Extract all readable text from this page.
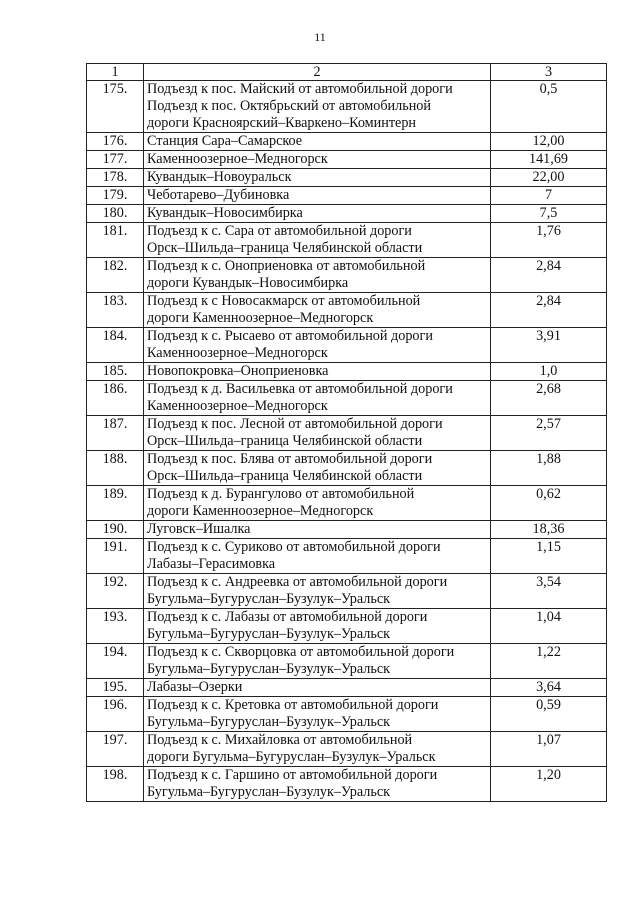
11
1	2	3
175.	Подъезд к пос. Майский от автомобильной дороги
Подъезд к пос. Октябрьский от автомобильной
дороги Красноярский–Кваркено–Коминтерн	0,5
176.	Станция Сара–Самарское	12,00
177.	Каменноозерное–Медногорск	141,69
178.	Кувандык–Новоуральск	22,00
179.	Чеботарево–Дубиновка	7
180.	Кувандык–Новосимбирка	7,5
181.	Подъезд к с. Сара от автомобильной дороги
Орск–Шильда–граница Челябинской области	1,76
182.	Подъезд к с. Оноприеновка от автомобильной
дороги Кувандык–Новосимбирка	2,84
183.	Подъезд к с Новосакмарск от автомобильной
дороги Каменноозерное–Медногорск	2,84
184.	Подъезд к с. Рысаево от автомобильной дороги
Каменноозерное–Медногорск	3,91
185.	Новопокровка–Оноприеновка	1,0
186.	Подъезд к д. Васильевка от автомобильной дороги
Каменноозерное–Медногорск	2,68
187.	Подъезд к пос. Лесной от автомобильной дороги
Орск–Шильда–граница Челябинской области	2,57
188.	Подъезд к пос. Блява от автомобильной дороги
Орск–Шильда–граница Челябинской области	1,88
189.	Подъезд к д. Бурангулово от автомобильной
дороги Каменноозерное–Медногорск	0,62
190.	Луговск–Ишалка	18,36
191.	Подъезд к с. Суриково от автомобильной дороги
Лабазы–Герасимовка	1,15
192.	Подъезд к с. Андреевка от автомобильной дороги
Бугульма–Бугуруслан–Бузулук–Уральск	3,54
193.	Подъезд к с. Лабазы от автомобильной дороги
Бугульма–Бугуруслан–Бузулук–Уральск	1,04
194.	Подъезд к с. Скворцовка от автомобильной дороги
Бугульма–Бугуруслан–Бузулук–Уральск	1,22
195.	Лабазы–Озерки	3,64
196.	Подъезд к с. Кретовка от автомобильной дороги
Бугульма–Бугуруслан–Бузулук–Уральск	0,59
197.	Подъезд к с. Михайловка от автомобильной
дороги Бугульма–Бугуруслан–Бузулук–Уральск	1,07
198.	Подъезд к с. Гаршино от автомобильной дороги
Бугульма–Бугуруслан–Бузулук–Уральск	1,20
